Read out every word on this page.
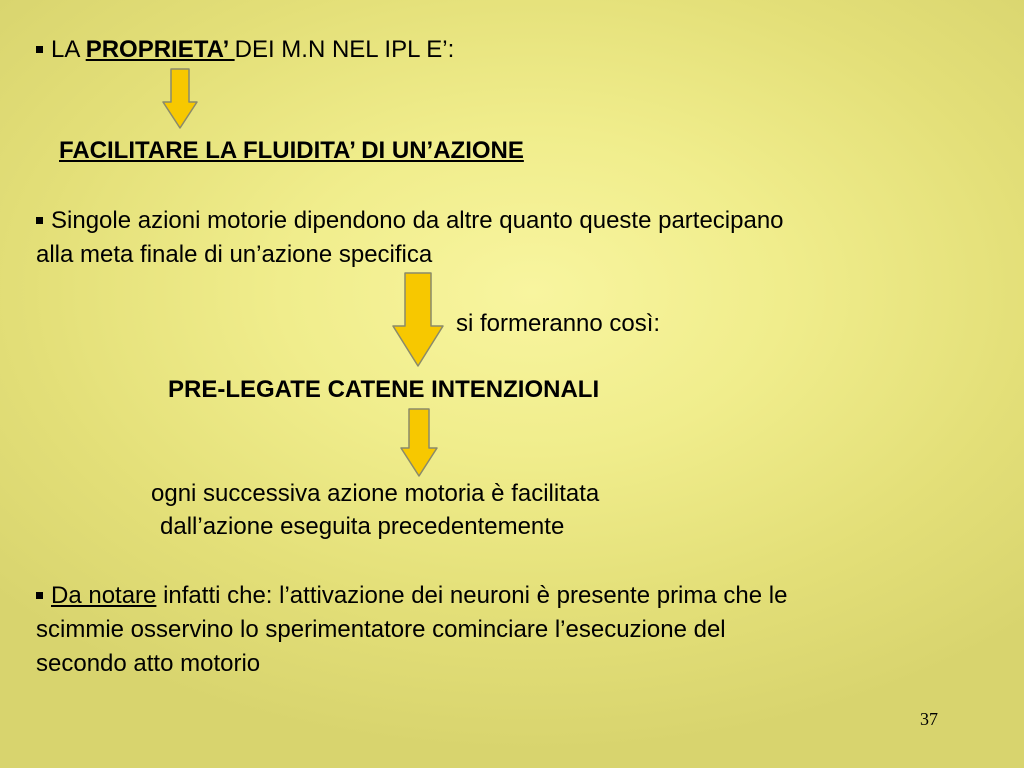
LA PROPRIETA’ DEI M.N NEL IPL E’:
FACILITARE LA FLUIDITA’ DI UN’AZIONE
Singole azioni motorie dipendono da altre quanto queste partecipano
alla meta finale di un’azione specifica
si formeranno così:
PRE-LEGATE CATENE INTENZIONALI
ogni successiva azione motoria è facilitata
dall’azione eseguita precedentemente
Da notare infatti che: l’attivazione dei neuroni è presente prima che le
scimmie osservino lo sperimentatore cominciare l’esecuzione del
secondo atto motorio
37
